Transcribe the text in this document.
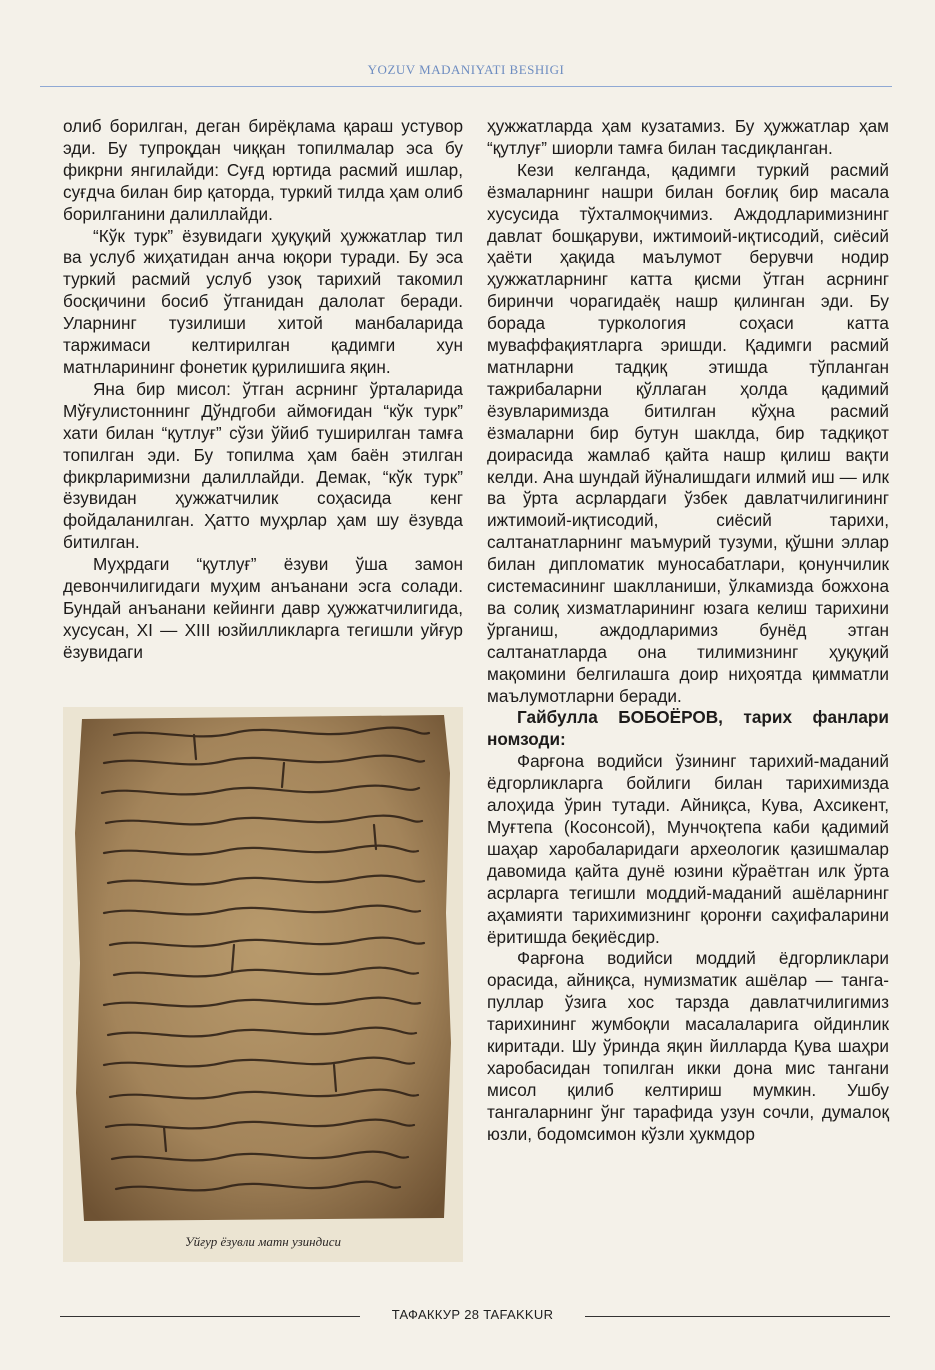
YOZUV MADANIYATI BESHIGI

олиб борилган, деган бирёқлама қараш устувор эди. Бу тупроқдан чиққан топилмалар эса бу фикрни янгилайди: Суғд юртида расмий ишлар, суғдча билан бир қаторда, туркий тилда ҳам олиб борилганини далиллайди.

“Кўк турк” ёзувидаги ҳуқуқий ҳужжатлар тил ва услуб жиҳатидан анча юқори туради. Бу эса туркий расмий услуб узоқ тарихий такомил босқичини босиб ўтганидан далолат беради. Уларнинг тузилиши хитой манбаларида таржимаси келтирилган қадимги хун матнларининг фонетик қурилишига яқин.

Яна бир мисол: ўтган асрнинг ўрталарида Мўғулистоннинг Дўндгоби аймоғидан “кўк турк” хати билан “қутлуғ” сўзи ўйиб туширилган тамға топилган эди. Бу топилма ҳам баён этилган фикрларимизни далиллайди. Демак, “кўк турк” ёзувидан ҳужжатчилик соҳасида кенг фойдаланилган. Ҳатто муҳрлар ҳам шу ёзувда битилган.

Муҳрдаги “қутлуғ” ёзуви ўша замон девончилигидаги муҳим анъанани эсга солади. Бундай анъанани кейинги давр ҳужжатчилигида, хусусан, XI — XIII юзйилликларга тегишли уйғур ёзувидаги

Уйғур ёзувли матн узиндиси

ҳужжатларда ҳам кузатамиз. Бу ҳужжатлар ҳам “қутлуғ” шиорли тамға билан тасдиқланган.

Кези келганда, қадимги туркий расмий ёзмаларнинг нашри билан боғлиқ бир масала хусусида тўхталмоқчимиз. Аждодларимизнинг давлат бошқаруви, ижтимоий-иқтисодий, сиёсий ҳаёти ҳақида маълумот берувчи нодир ҳужжатларнинг катта қисми ўтган асрнинг биринчи чорагидаёқ нашр қилинган эди. Бу борада туркология соҳаси катта муваффақиятларга эришди. Қадимги расмий матнларни тадқиқ этишда тўпланган тажрибаларни қўллаган ҳолда қадимий ёзувларимизда битилган кўҳна расмий ёзмаларни бир бутун шаклда, бир тадқиқот доирасида жамлаб қайта нашр қилиш вақти келди. Ана шундай йўналишдаги илмий иш — илк ва ўрта асрлардаги ўзбек давлатчилигининг ижтимоий-иқтисодий, сиёсий тарихи, салтанатларнинг маъмурий тузуми, қўшни эллар билан дипломатик муносабатлари, қонунчилик системасининг шаклланиши, ўлкамизда божхона ва солиқ хизматларининг юзага келиш тарихини ўрганиш, аждодларимиз бунёд этган салтанатларда она тилимизнинг ҳуқуқий мақомини белгилашга доир ниҳоятда қимматли маълумотларни беради.

Гайбулла БОБОЁРОВ, тарих фанлари номзоди:

Фарғона водийси ўзининг тарихий-маданий ёдгорликларга бойлиги билан тарихимизда алоҳида ўрин тутади. Айниқса, Кува, Ахсикент, Муғтепа (Косонсой), Мунчоқтепа каби қадимий шаҳар харобаларидаги археологик қазишмалар давомида қайта дунё юзини кўраётган илк ўрта асрларга тегишли моддий-маданий ашёларнинг аҳамияти тарихимизнинг қоронғи саҳифаларини ёритишда беқиёсдир.

Фарғона водийси моддий ёдгорликлари орасида, айниқса, нумизматик ашёлар — танга-пуллар ўзига хос тарзда давлатчилигимиз тарихининг жумбоқли масалаларига ойдинлик киритади. Шу ўринда яқин йилларда Қува шаҳри харобасидан топилган икки дона мис тангани мисол қилиб келтириш мумкин. Ушбу тангаларнинг ўнг тарафида узун сочли, думалоқ юзли, бодомсимон кўзли ҳукмдор

ТАФАККУР 28 TAFAKKUR
